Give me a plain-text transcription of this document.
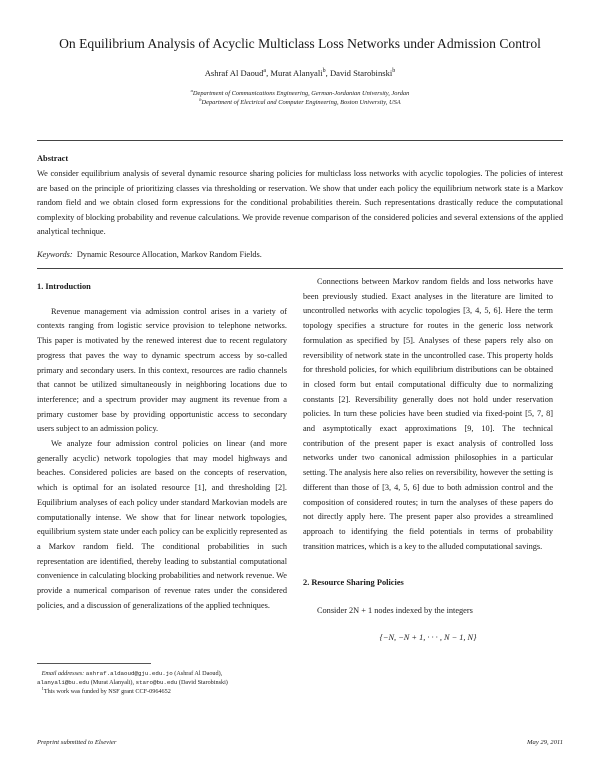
On Equilibrium Analysis of Acyclic Multiclass Loss Networks under Admission Control
Ashraf Al Daoud$^a$, Murat Alanyali$^b$, David Starobinski$^b$
$^a$Department of Communications Engineering, German-Jordanian University, Jordan
$^b$Department of Electrical and Computer Engineering, Boston University, USA
Abstract
We consider equilibrium analysis of several dynamic resource sharing policies for multiclass loss networks with acyclic topologies. The policies of interest are based on the principle of prioritizing classes via thresholding or reservation. We show that under each policy the equilibrium network state is a Markov random field and we obtain closed form expressions for the conditional probabilities therein. Such representations drastically reduce the computational complexity of blocking probability and revenue calculations. We provide revenue comparison of the considered policies and several extensions of the applied analytical technique.
Keywords: Dynamic Resource Allocation, Markov Random Fields.
1. Introduction

Revenue management via admission control arises in a variety of contexts ranging from logistic service provision to telephone networks. This paper is motivated by the renewed interest due to recent regulatory progress that paves the way to dynamic spectrum access by so-called primary and secondary users. In this context, resources are radio channels that cannot be utilized simultaneously in neighboring locations due to interference; and a spectrum provider may augment its revenue from a primary customer base by providing opportunistic access to secondary users subject to an admission policy.

We analyze four admission control policies on linear (and more generally acyclic) network topologies that may model highways and beaches. Considered policies are based on the concepts of reservation, which is optimal for an isolated resource [1], and thresholding [2]. Equilibrium analyses of each policy under standard Markovian models are computationally intense. We show that for linear network topologies, equilibrium system state under each policy can be explicitly represented as a Markov random field. The conditional probabilities in such representation are identified, thereby leading to substantial computational convenience in calculating blocking probabilities and network revenue. We provide a numerical comparison of revenue rates under the considered policies, and a discussion of generalizations of the applied techniques.

Connections between Markov random fields and loss networks have been previously studied. Exact analyses in the literature are limited to uncontrolled networks with acyclic topologies [3, 4, 5, 6]. Here the term topology specifies a structure for routes in the generic loss network formulation as specified by [5]. Analyses of these papers rely also on reversibility of network state in the uncontrolled case. This property holds for threshold policies, for which equilibrium distributions can be obtained in closed form but entail computational difficulty due to normalizing constants [2]. Reversibility generally does not hold under reservation policies. In turn these policies have been studied via fixed-point [5, 7, 8] and asymptotically exact approximations [9, 10]. The technical contribution of the present paper is exact analysis of controlled loss networks under two canonical admission philosophies in a particular setting. The analysis here also relies on reversibility, however the setting is different than those of [3, 4, 5, 6] due to both admission control and the composition of considered routes; in turn the analyses of these papers do not directly apply here. The present paper also provides a streamlined approach to identifying the field potentials in terms of probability transition matrices, which is a key to the alluded computational savings.

2. Resource Sharing Policies

Consider 2N + 1 nodes indexed by the integers

{−N, −N + 1, · · · , N − 1, N}
Email addresses: ashraf.aldaoud@gju.edu.jo (Ashraf Al Daoud),
alanyali@bu.edu (Murat Alanyali), staro@bu.edu (David Starobinski)
$^1$This work was funded by NSF grant CCF-0964652
Preprint submitted to Elsevier	May 29, 2011
